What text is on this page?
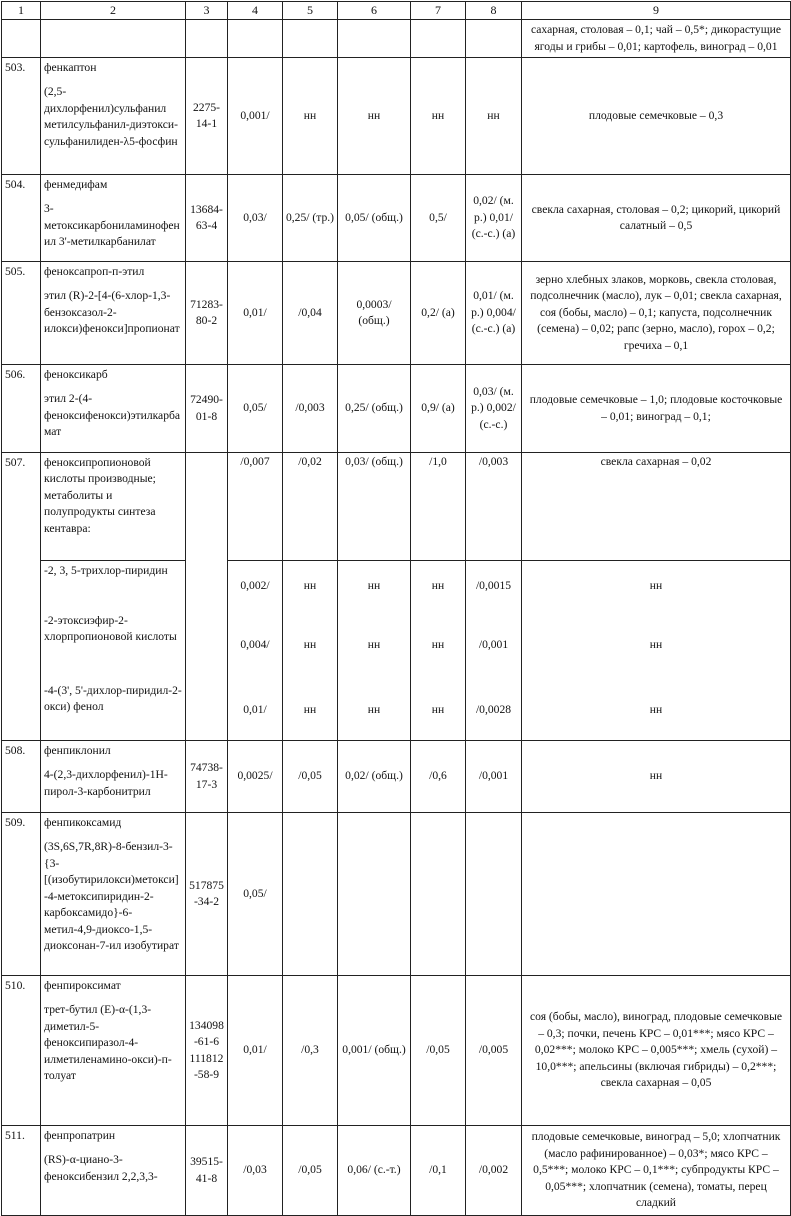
1	2	3	4	5	6	7	8	9
								сахарная, столовая – 0,1; чай – 0,5*; дикорастущие ягоды и грибы – 0,01; картофель, виноград – 0,01
503.	фенкаптон
(2,5-дихлорфенил)сульфанил метилсульфанил-диэтокси-сульфанилиден-λ5-фосфин	2275-14-1	0,001/	нн	нн	нн	нн	плодовые семечковые – 0,3
504.	фенмедифам
3-метоксикарбониламинофенил 3'-метилкарбанилат	13684-63-4	0,03/	0,25/ (тр.)	0,05/ (общ.)	0,5/	0,02/ (м. р.) 0,01/ (с.-с.) (а)	свекла сахарная, столовая – 0,2; цикорий, цикорий салатный – 0,5
505.	феноксапроп-п-этил
этил (R)-2-[4-(6-хлор-1,3-бензоксазол-2-илокси)фенокси]пропионат	71283-80-2	0,01/	/0,04	0,0003/ (общ.)	0,2/ (а)	0,01/ (м. р.) 0,004/ (с.-с.) (а)	зерно хлебных злаков, морковь, свекла столовая, подсолнечник (масло), лук – 0,01; свекла сахарная, соя (бобы, масло) – 0,1; капуста, подсолнечник (семена) – 0,02; рапс (зерно, масло), горох – 0,2; гречиха – 0,1
506.	феноксикарб
этил 2-(4-феноксифенокси)этилкарбамат	72490-01-8	0,05/	/0,003	0,25/ (общ.)	0,9/ (а)	0,03/ (м. р.) 0,002/ (с.-с.)	плодовые семечковые – 1,0; плодовые косточковые – 0,01; виноград – 0,1;
507.	феноксипропионовой кислоты производные; метаболиты и полупродукты синтеза кентавра:		/0,007	/0,02	0,03/ (общ.)	/1,0	/0,003	свекла сахарная – 0,02
	-2, 3, 5-трихлор-пиридин		0,002/	нн	нн	нн	/0,0015	нн
	-2-этоксиэфир-2-хлорпропионовой кислоты		0,004/	нн	нн	нн	/0,001	нн
	-4-(3', 5'-дихлор-пиридил-2-окси) фенол		0,01/	нн	нн	нн	/0,0028	нн
508.	фенпиклонил
4-(2,3-дихлорфенил)-1Н-пирол-3-карбонитрил	74738-17-3	0,0025/	/0,05	0,02/ (общ.)	/0,6	/0,001	нн
509.	фенпикоксамид
(3S,6S,7R,8R)-8-бензил-3-{3-[(изобутирилокси)метокси]-4-метоксипиридин-2-карбоксамидо}-6-метил-4,9-диоксо-1,5-диоксонан-7-ил изобутират	517875-34-2	0,05/					
510.	фенпироксимат
трет-бутил (Е)-α-(1,3-диметил-5-феноксипиразол-4-илметиленамино-окси)-п-толуат	134098-61-6 111812-58-9	0,01/	/0,3	0,001/ (общ.)	/0,05	/0,005	соя (бобы, масло), виноград, плодовые семечковые – 0,3; почки, печень КРС – 0,01***; мясо КРС – 0,02***; молоко КРС – 0,005***; хмель (сухой) – 10,0***; апельсины (включая гибриды) – 0,2***; свекла сахарная – 0,05
511.	фенпропатрин
(RS)-α-циано-3-феноксибензил 2,2,3,3-	39515-41-8	/0,03	/0,05	0,06/ (с.-т.)	/0,1	/0,002	плодовые семечковые, виноград – 5,0; хлопчатник (масло рафинированное) – 0,03*; мясо КРС – 0,5***; молоко КРС – 0,1***; субпродукты КРС – 0,05***; хлопчатник (семена), томаты, перец сладкий
